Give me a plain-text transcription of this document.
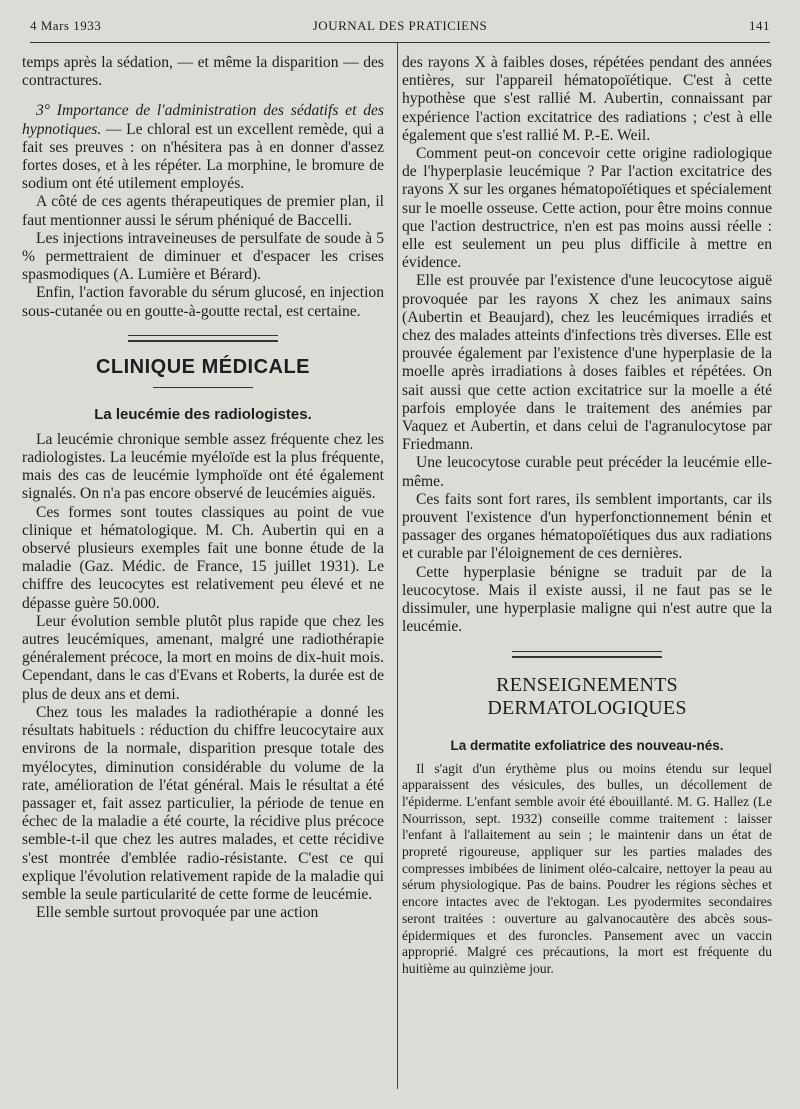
4 Mars 1933	JOURNAL DES PRATICIENS	141

temps après la sédation, — et même la disparition — des contractures.

3° Importance de l'administration des sédatifs et des hypnotiques. — Le chloral est un excellent remède, qui a fait ses preuves : on n'hésitera pas à en donner d'assez fortes doses, et à les répéter. La morphine, le bromure de sodium ont été utilement employés.

A côté de ces agents thérapeutiques de premier plan, il faut mentionner aussi le sérum phéniqué de Baccelli.

Les injections intraveineuses de persulfate de soude à 5 % permettraient de diminuer et d'espacer les crises spasmodiques (A. Lumière et Bérard).

Enfin, l'action favorable du sérum glucosé, en injection sous-cutanée ou en goutte-à-goutte rectal, est certaine.

CLINIQUE MÉDICALE
La leucémie des radiologistes.

La leucémie chronique semble assez fréquente chez les radiologistes. La leucémie myéloïde est la plus fréquente, mais des cas de leucémie lymphoïde ont été également signalés. On n'a pas encore observé de leucémies aiguës.

Ces formes sont toutes classiques au point de vue clinique et hématologique. M. Ch. Aubertin qui en a observé plusieurs exemples fait une bonne étude de la maladie (Gaz. Médic. de France, 15 juillet 1931). Le chiffre des leucocytes est relativement peu élevé et ne dépasse guère 50.000.

Leur évolution semble plutôt plus rapide que chez les autres leucémiques, amenant, malgré une radiothérapie généralement précoce, la mort en moins de dix-huit mois. Cependant, dans le cas d'Evans et Roberts, la durée est de plus de deux ans et demi.

Chez tous les malades la radiothérapie a donné les résultats habituels : réduction du chiffre leucocytaire aux environs de la normale, disparition presque totale des myélocytes, diminution considérable du volume de la rate, amélioration de l'état général. Mais le résultat a été passager et, fait assez particulier, la période de tenue en échec de la maladie a été courte, la récidive plus précoce semble-t-il que chez les autres malades, et cette récidive s'est montrée d'emblée radio-résistante. C'est ce qui explique l'évolution relativement rapide de la maladie qui semble la seule particularité de cette forme de leucémie.

Elle semble surtout provoquée par une action

des rayons X à faibles doses, répétées pendant des années entières, sur l'appareil hématopoïétique. C'est à cette hypothèse que s'est rallié M. Aubertin, connaissant par expérience l'action excitatrice des radiations ; c'est à elle également que s'est rallié M. P.-E. Weil.

Comment peut-on concevoir cette origine radiologique de l'hyperplasie leucémique ? Par l'action excitatrice des rayons X sur les organes hématopoïétiques et spécialement sur le moelle osseuse. Cette action, pour être moins connue que l'action destructrice, n'en est pas moins aussi réelle : elle est seulement un peu plus difficile à mettre en évidence.

Elle est prouvée par l'existence d'une leucocytose aiguë provoquée par les rayons X chez les animaux sains (Aubertin et Beaujard), chez les leucémiques irradiés et chez des malades atteints d'infections très diverses. Elle est prouvée également par l'existence d'une hyperplasie de la moelle après irradiations à doses faibles et répétées. On sait aussi que cette action excitatrice sur la moelle a été parfois employée dans le traitement des anémies par Vaquez et Aubertin, et dans celui de l'agranulocytose par Friedmann.

Une leucocytose curable peut précéder la leucémie elle-même.

Ces faits sont fort rares, ils semblent importants, car ils prouvent l'existence d'un hyperfonctionnement bénin et passager des organes hématopoïétiques dus aux radiations et curable par l'éloignement de ces dernières.

Cette hyperplasie bénigne se traduit par de la leucocytose. Mais il existe aussi, il ne faut pas se le dissimuler, une hyperplasie maligne qui n'est autre que la leucémie.

RENSEIGNEMENTS DERMATOLOGIQUES
La dermatite exfoliatrice des nouveau-nés.

Il s'agit d'un érythème plus ou moins étendu sur lequel apparaissent des vésicules, des bulles, un décollement de l'épiderme. L'enfant semble avoir été ébouillanté. M. G. Hallez (Le Nourrisson, sept. 1932) conseille comme traitement : laisser l'enfant à l'allaitement au sein ; le maintenir dans un état de propreté rigoureuse, appliquer sur les parties malades des compresses imbibées de liniment oléo-calcaire, nettoyer la peau au sérum physiologique. Pas de bains. Poudrer les régions sèches et encore intactes avec de l'ektogan. Les pyodermites secondaires seront traitées : ouverture au galvanocautère des abcès sous-épidermiques et des furoncles. Pansement avec un vaccin approprié. Malgré ces précautions, la mort est fréquente du huitième au quinzième jour.
